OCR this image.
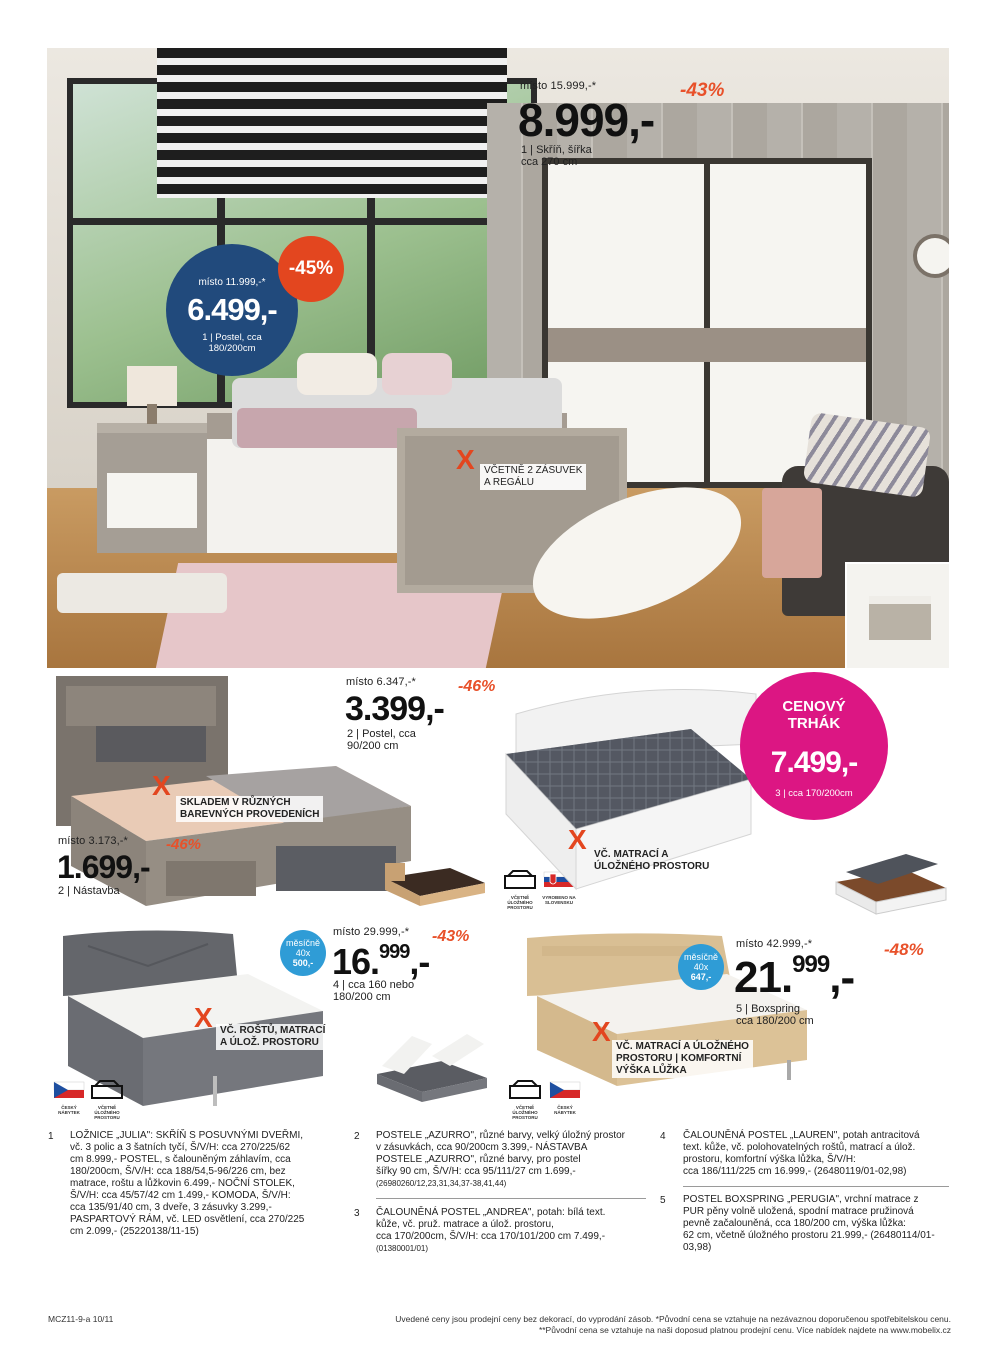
místo 15.999,-*
8.999,-
-43%
1 | Skříň, šířka
cca 270 cm
místo 11.999,-*
6.499,-
1 | Postel, cca
180/200cm
-45%
X VČETNĚ 2 ZÁSUVEK
A REGÁLU
X
SKLADEM V RŮZNÝCH
BAREVNÝCH PROVEDENÍCH
místo 6.347,-*
3.399,-
-46%
2 | Postel, cca
90/200 cm
místo 3.173,-*
1.699,-
-46%
2 | Nástavba
VČETNĚ
ÚLOŽNÉHO
PROSTORU
VYROBENO NA
SLOVENSKU
X VČ. MATRACÍ A
ÚLOŽNÉHO PROSTORU
CENOVÝ
TRHÁK
7.499,-
3 | cca 170/200cm
X VČ. ROŠTŮ, MATRACÍ
A ÚLOŽ. PROSTORU
měsíčně
40x
500,-
místo 29.999,-*
16.$^{999}$,-
-43%
4 | cca 160 nebo
180/200 cm
ČESKÝ
NÁBYTEK
VČETNĚ
ÚLOŽNÉHO
PROSTORU
X VČ. MATRACÍ A ÚLOŽNÉHO
PROSTORU | KOMFORTNÍ
VÝŠKA LŮŽKA
měsíčně
40x
647,-
místo 42.999,-*
21.$^{999}$,-
-48%
5 | Boxspring
cca 180/200 cm
VČETNĚ
ÚLOŽNÉHO
PROSTORU
ČESKÝ
NÁBYTEK
1 LOŽNICE „JULIA": SKŘÍŇ S POSUVNÝMI DVEŘMI,
vč. 3 polic a 3 šatních tyčí, Š/V/H: cca 270/225/62
cm 8.999,- POSTEL, s čalouněným záhlavím, cca
180/200cm, Š/V/H: cca 188/54,5-96/226 cm, bez
matrace, roštu a lůžkovin 6.499,- NOČNÍ STOLEK,
Š/V/H: cca 45/57/42 cm 1.499,- KOMODA, Š/V/H:
cca 135/91/40 cm, 3 dveře, 3 zásuvky 3.299,-
PASPARTOVÝ RÁM, vč. LED osvětlení, cca 270/225
cm 2.099,- (25220138/11-15)
2 POSTELE „AZURRO", různé barvy, velký úložný prostor
v zásuvkách, cca 90/200cm 3.399,- NÁSTAVBA
POSTELE „AZURRO", různé barvy, pro postel
šířky 90 cm, Š/V/H: cca 95/111/27 cm 1.699,-
(26980260/12,23,31,34,37-38,41,44)
3 ČALOUNĚNÁ POSTEL „ANDREA", potah: bílá text.
kůže, vč. pruž. matrace a úlož. prostoru,
cca 170/200cm, Š/V/H: cca 170/101/200 cm 7.499,-
(01380001/01)
4 ČALOUNĚNÁ POSTEL „LAUREN", potah antracitová
text. kůže, vč. polohovatelných roštů, matrací a úlož.
prostoru, komfortní výška lůžka, Š/V/H:
cca 186/111/225 cm 16.999,- (26480119/01-02,98)
5 POSTEL BOXSPRING „PERUGIA", vrchní matrace z
PUR pěny volně uložená, spodní matrace pružinová
pevně začalouněná, cca 180/200 cm, výška lůžka:
62 cm, včetně úložného prostoru 21.999,- (26480114/01-
03,98)
MCZ11-9-a 10/11	Uvedené ceny jsou prodejní ceny bez dekorací, do vyprodání zásob. *Původní cena se vztahuje na nezávaznou doporučenou spotřebitelskou cenu.
**Původní cena se vztahuje na naši doposud platnou prodejní cenu. Více nabídek najdete na www.mobelix.cz
